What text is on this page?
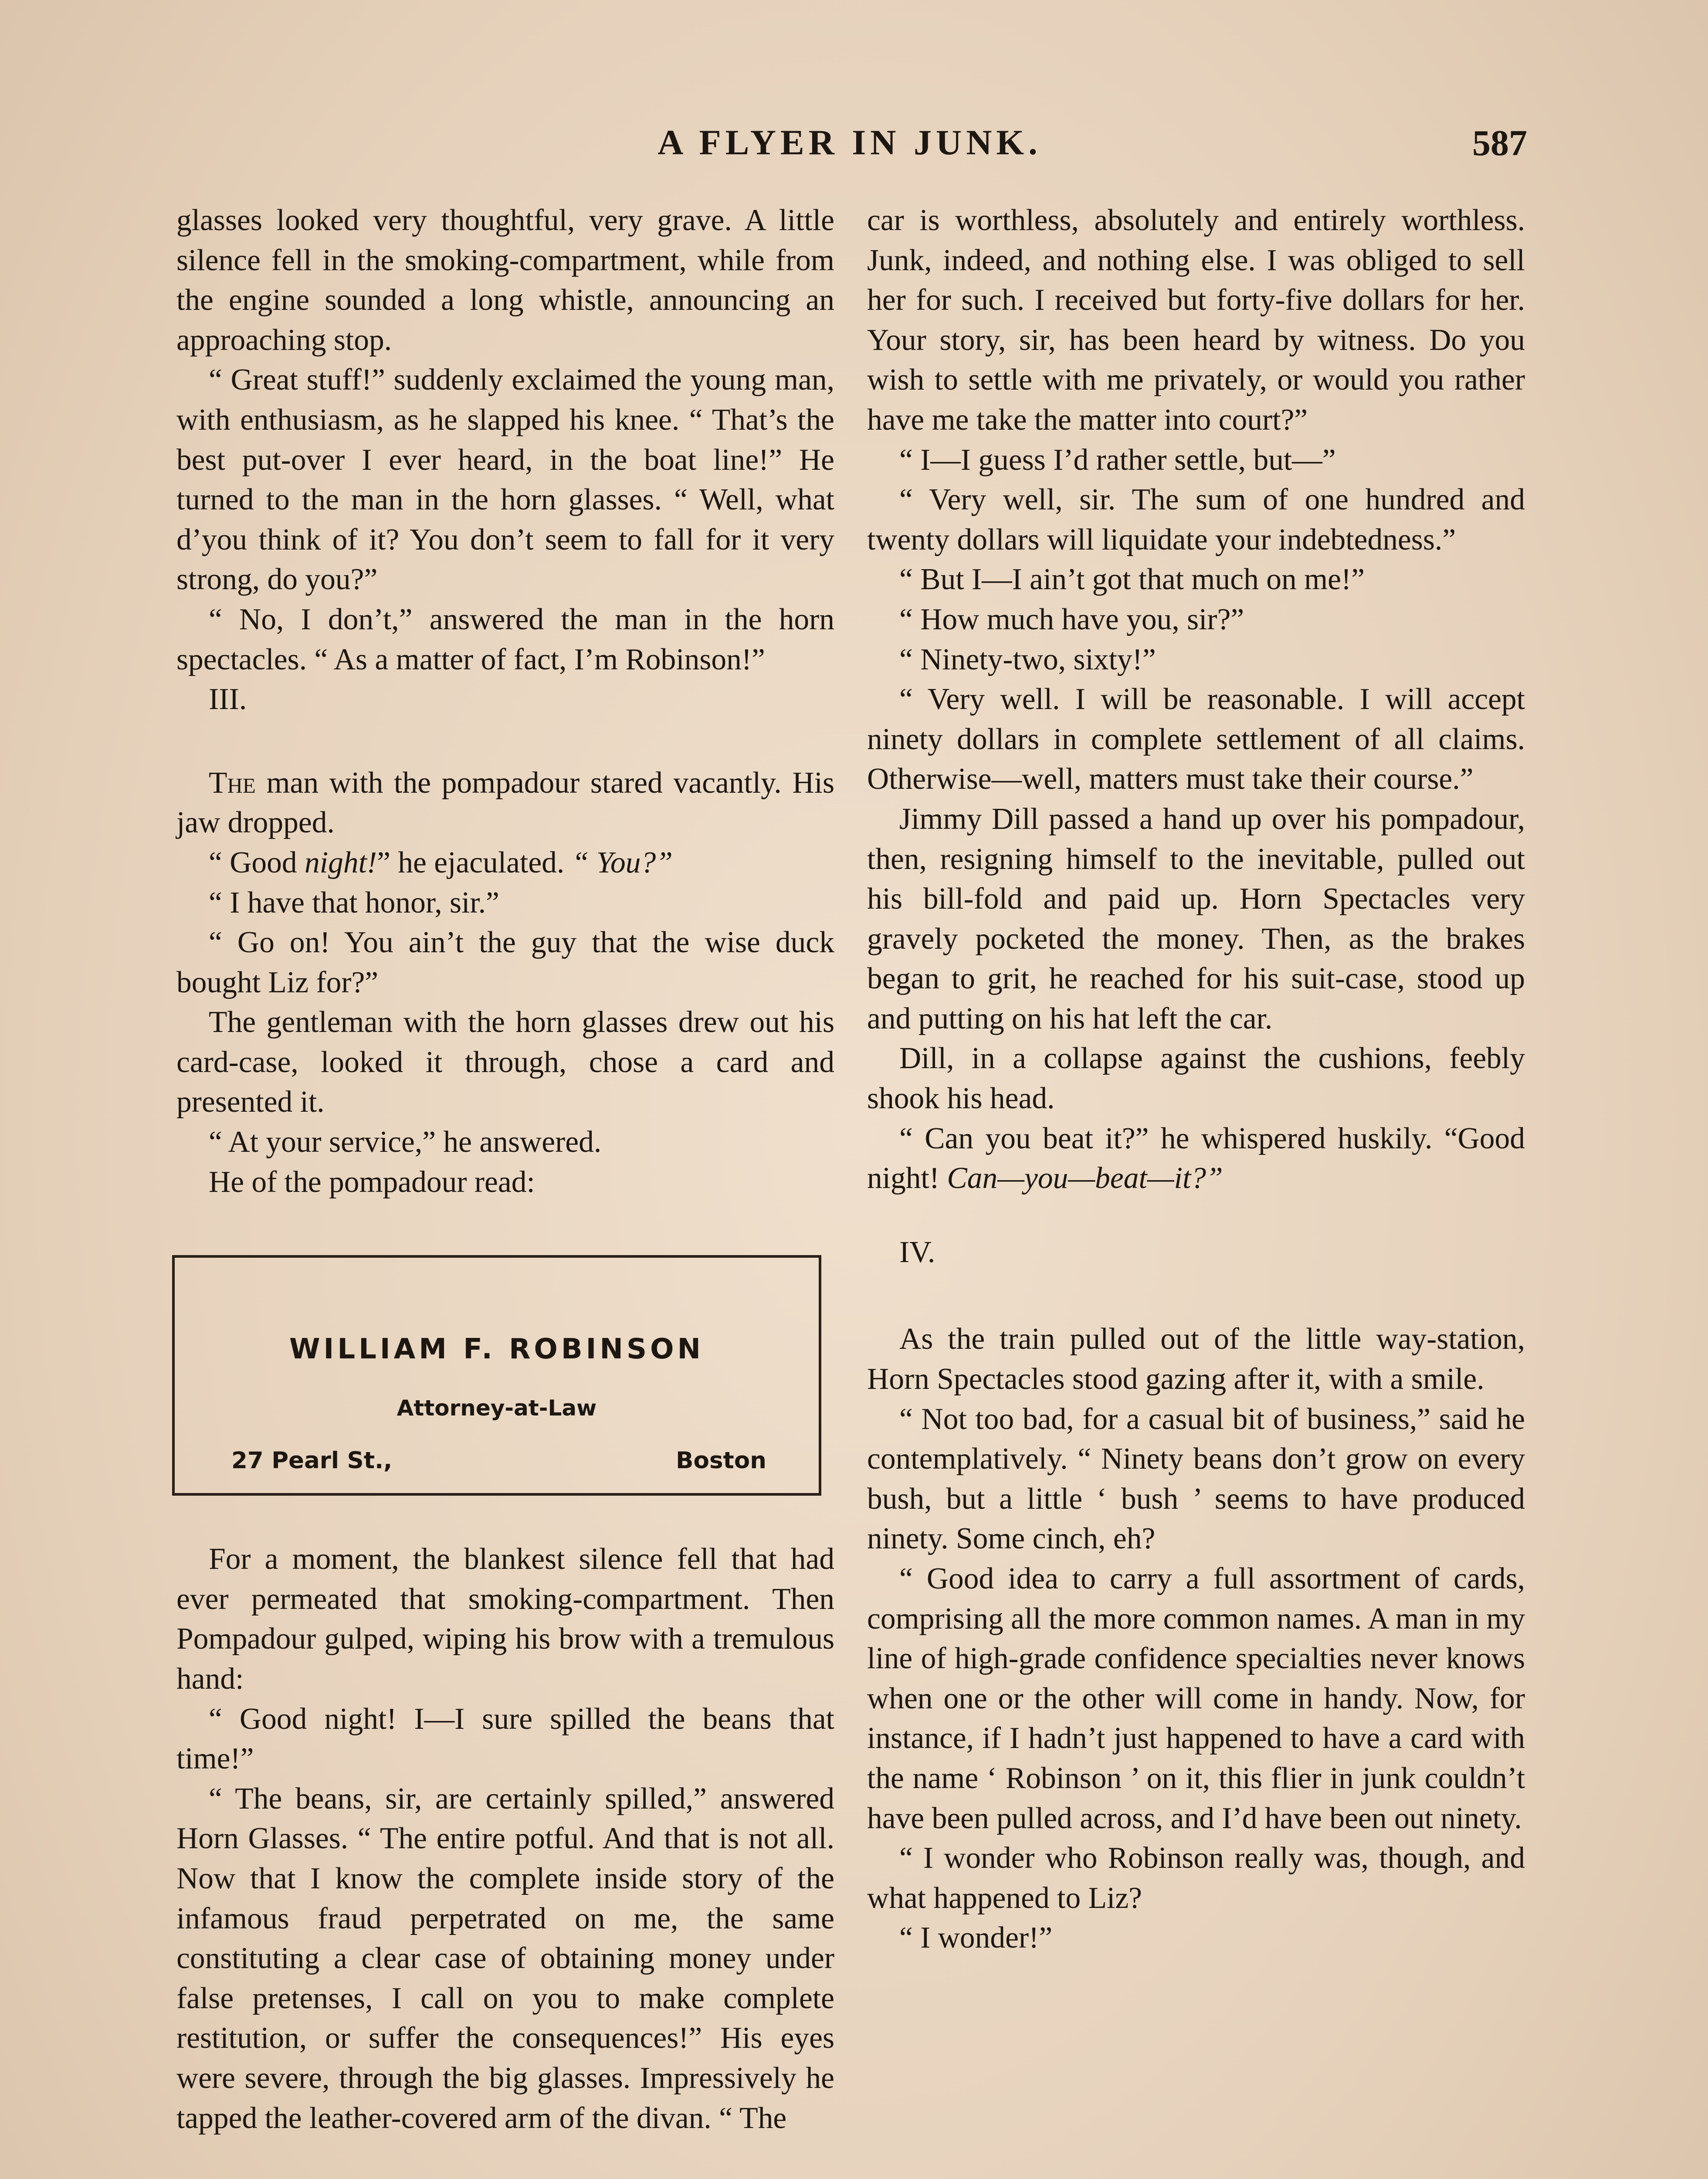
A FLYER IN JUNK.	587

glasses looked very thoughtful, very grave. A little silence fell in the smoking-compartment, while from the engine sounded a long whistle, announcing an approaching stop.

“ Great stuff!” suddenly exclaimed the young man, with enthusiasm, as he slapped his knee. “ That’s the best put-over I ever heard, in the boat line!” He turned to the man in the horn glasses. “ Well, what d’you think of it? You don’t seem to fall for it very strong, do you?”

“ No, I don’t,” answered the man in the horn spectacles. “ As a matter of fact, I’m Robinson!”

III.

The man with the pompadour stared vacantly. His jaw dropped.

“ Good night!” he ejaculated. “ You?”

“ I have that honor, sir.”

“ Go on! You ain’t the guy that the wise duck bought Liz for?”

The gentleman with the horn glasses drew out his card-case, looked it through, chose a card and presented it.

“ At your service,” he answered.

He of the pompadour read:

WILLIAM F. ROBINSON
Attorney-at-Law
27 Pearl St.,	Boston

For a moment, the blankest silence fell that had ever permeated that smoking-compartment. Then Pompadour gulped, wiping his brow with a tremulous hand:

“ Good night! I—I sure spilled the beans that time!”

“ The beans, sir, are certainly spilled,” answered Horn Glasses. “ The entire potful. And that is not all. Now that I know the complete inside story of the infamous fraud perpetrated on me, the same constituting a clear case of obtaining money under false pretenses, I call on you to make complete restitution, or suffer the consequences!” His eyes were severe, through the big glasses. Impressively he tapped the leather-covered arm of the divan. “ The

car is worthless, absolutely and entirely worthless. Junk, indeed, and nothing else. I was obliged to sell her for such. I received but forty-five dollars for her. Your story, sir, has been heard by witness. Do you wish to settle with me privately, or would you rather have me take the matter into court?”

“ I—I guess I’d rather settle, but—”

“ Very well, sir. The sum of one hundred and twenty dollars will liquidate your indebtedness.”

“ But I—I ain’t got that much on me!”

“ How much have you, sir?”

“ Ninety-two, sixty!”

“ Very well. I will be reasonable. I will accept ninety dollars in complete settlement of all claims. Otherwise—well, matters must take their course.”

Jimmy Dill passed a hand up over his pompadour, then, resigning himself to the inevitable, pulled out his bill-fold and paid up. Horn Spectacles very gravely pocketed the money. Then, as the brakes began to grit, he reached for his suit-case, stood up and putting on his hat left the car.

Dill, in a collapse against the cushions, feebly shook his head.

“ Can you beat it?” he whispered huskily. “Good night! Can—you—beat—it?”

IV.

As the train pulled out of the little way-station, Horn Spectacles stood gazing after it, with a smile.

“ Not too bad, for a casual bit of business,” said he contemplatively. “ Ninety beans don’t grow on every bush, but a little ‘ bush ’ seems to have produced ninety. Some cinch, eh?

“ Good idea to carry a full assortment of cards, comprising all the more common names. A man in my line of high-grade confidence specialties never knows when one or the other will come in handy. Now, for instance, if I hadn’t just happened to have a card with the name ‘ Robinson ’ on it, this flier in junk couldn’t have been pulled across, and I’d have been out ninety.

“ I wonder who Robinson really was, though, and what happened to Liz?

“ I wonder!”
